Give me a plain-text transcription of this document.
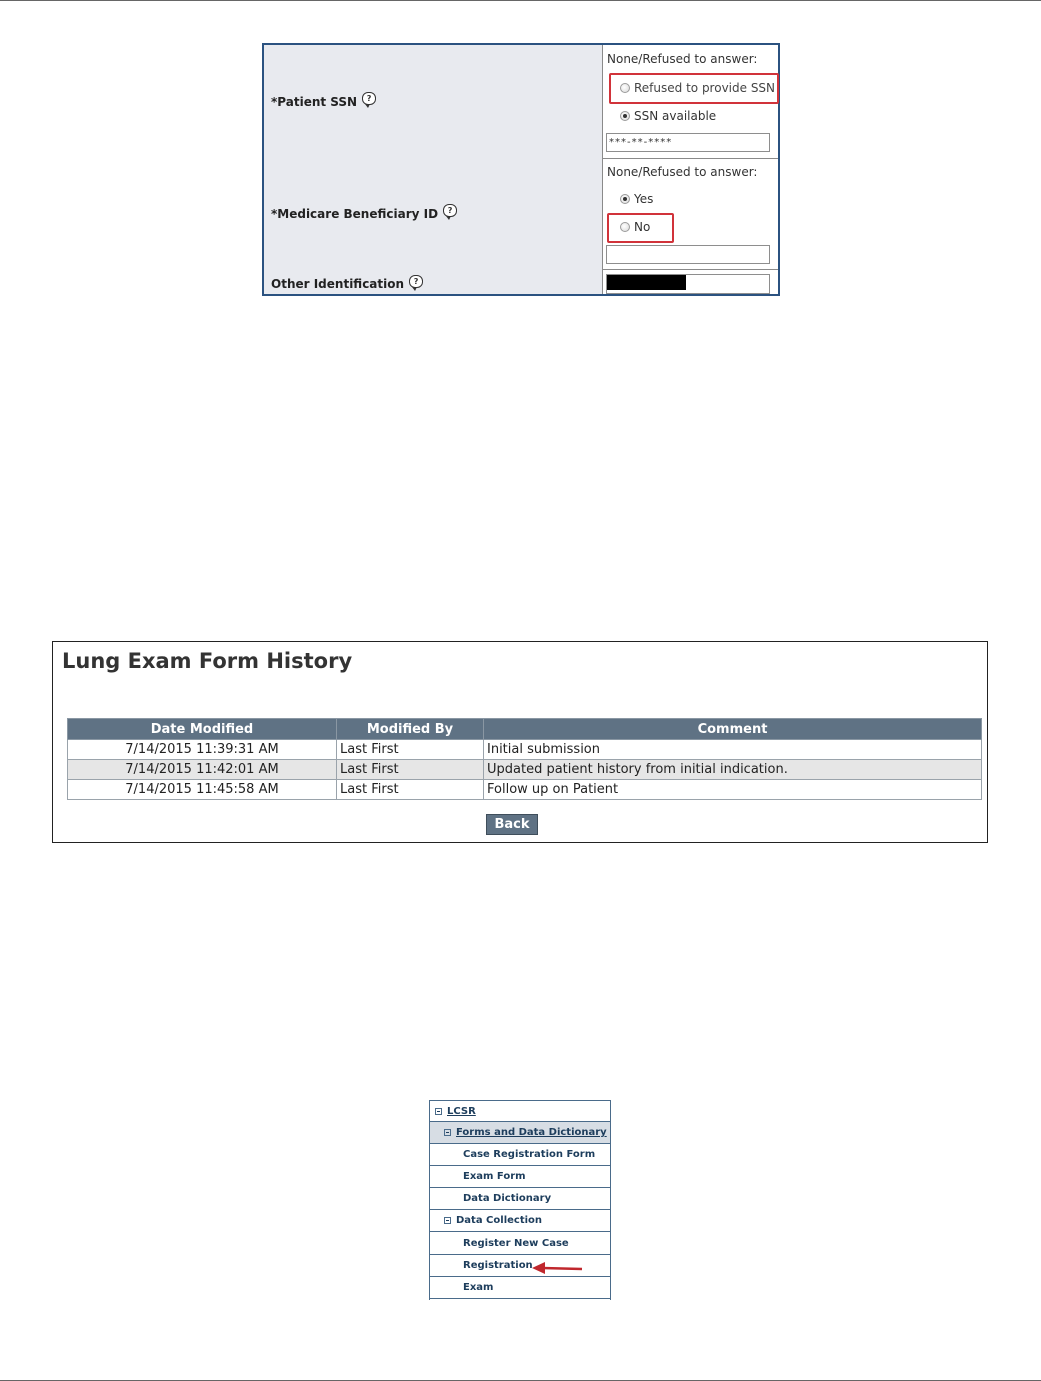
*Patient SSN	?
None/Refused to answer:
Refused to provide SSN
SSN available
***-**-****
*Medicare Beneficiary ID	?
None/Refused to answer:
Yes
No
Other Identification	?
Lung Exam Form History
Date Modified	Modified By	Comment
7/14/2015 11:39:31 AM	Last First	Initial submission
7/14/2015 11:42:01 AM	Last First	Updated patient history from initial indication.
7/14/2015 11:45:58 AM	Last First	Follow up on Patient
Back
LCSR
Forms and Data Dictionary
Case Registration Form
Exam Form
Data Dictionary
Data Collection
Register New Case
Registration
Exam
